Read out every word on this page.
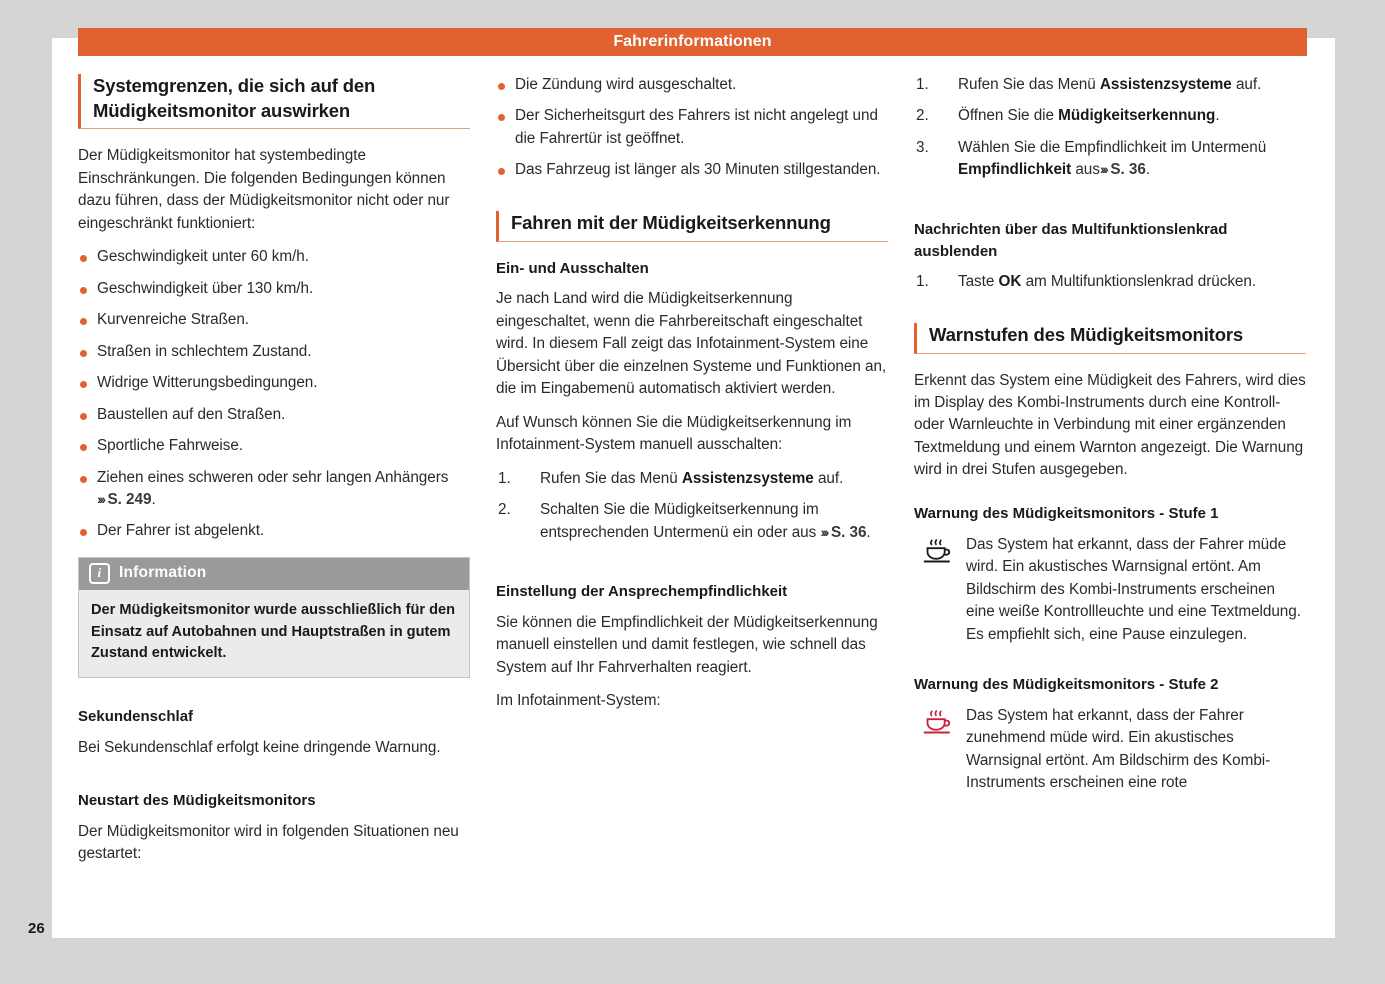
Fahrerinformationen
26
Systemgrenzen, die sich auf den Müdigkeitsmonitor auswirken

Der Müdigkeitsmonitor hat systembedingte Einschränkungen. Die folgenden Bedingungen können dazu führen, dass der Müdigkeitsmonitor nicht oder nur eingeschränkt funktioniert:

Geschwindigkeit unter 60 km/h.
Geschwindigkeit über 130 km/h.
Kurvenreiche Straßen.
Straßen in schlechtem Zustand.
Widrige Witterungsbedingungen.
Baustellen auf den Straßen.
Sportliche Fahrweise.
Ziehen eines schweren oder sehr langen Anhängers ››› S. 249.
Der Fahrer ist abgelenkt.
i	Information
Der Müdigkeitsmonitor wurde ausschließlich für den Einsatz auf Autobahnen und Hauptstraßen in gutem Zustand entwickelt.
Sekundenschlaf

Bei Sekundenschlaf erfolgt keine dringende Warnung.

Neustart des Müdigkeitsmonitors

Der Müdigkeitsmonitor wird in folgenden Situationen neu gestartet:

Die Zündung wird ausgeschaltet.
Der Sicherheitsgurt des Fahrers ist nicht angelegt und die Fahrertür ist geöffnet.
Das Fahrzeug ist länger als 30 Minuten stillgestanden.
Fahren mit der Müdigkeitserkennung
Ein- und Ausschalten

Je nach Land wird die Müdigkeitserkennung eingeschaltet, wenn die Fahrbereitschaft eingeschaltet wird. In diesem Fall zeigt das Infotainment-System eine Übersicht über die einzelnen Systeme und Funktionen an, die im Eingabemenü automatisch aktiviert werden.

Auf Wunsch können Sie die Müdigkeitserkennung im Infotainment-System manuell ausschalten:

Rufen Sie das Menü Assistenzsysteme auf.
Schalten Sie die Müdigkeitserkennung im entsprechenden Untermenü ein oder aus ››› S. 36.
Einstellung der Ansprechempfindlichkeit

Sie können die Empfindlichkeit der Müdigkeitserkennung manuell einstellen und damit festlegen, wie schnell das System auf Ihr Fahrverhalten reagiert.

Im Infotainment-System:

Rufen Sie das Menü Assistenzsysteme auf.
Öffnen Sie die Müdigkeitserkennung.
Wählen Sie die Empfindlichkeit im Untermenü Empfindlichkeit aus››› S. 36.
Nachrichten über das Multifunktionslenkrad ausblenden
Taste OK am Multifunktionslenkrad drücken.
Warnstufen des Müdigkeitsmonitors

Erkennt das System eine Müdigkeit des Fahrers, wird dies im Display des Kombi-Instruments durch eine Kontroll- oder Warnleuchte in Verbindung mit einer ergänzenden Textmeldung und einem Warnton angezeigt. Die Warnung wird in drei Stufen ausgegeben.

Warnung des Müdigkeitsmonitors - Stufe 1
Das System hat erkannt, dass der Fahrer müde wird. Ein akustisches Warnsignal ertönt. Am Bildschirm des Kombi-Instruments erscheinen eine weiße Kontrollleuchte und eine Textmeldung. Es empfiehlt sich, eine Pause einzulegen.
Warnung des Müdigkeitsmonitors - Stufe 2
Das System hat erkannt, dass der Fahrer zunehmend müde wird. Ein akustisches Warnsignal ertönt. Am Bildschirm des Kombi-Instruments erscheinen eine rote
